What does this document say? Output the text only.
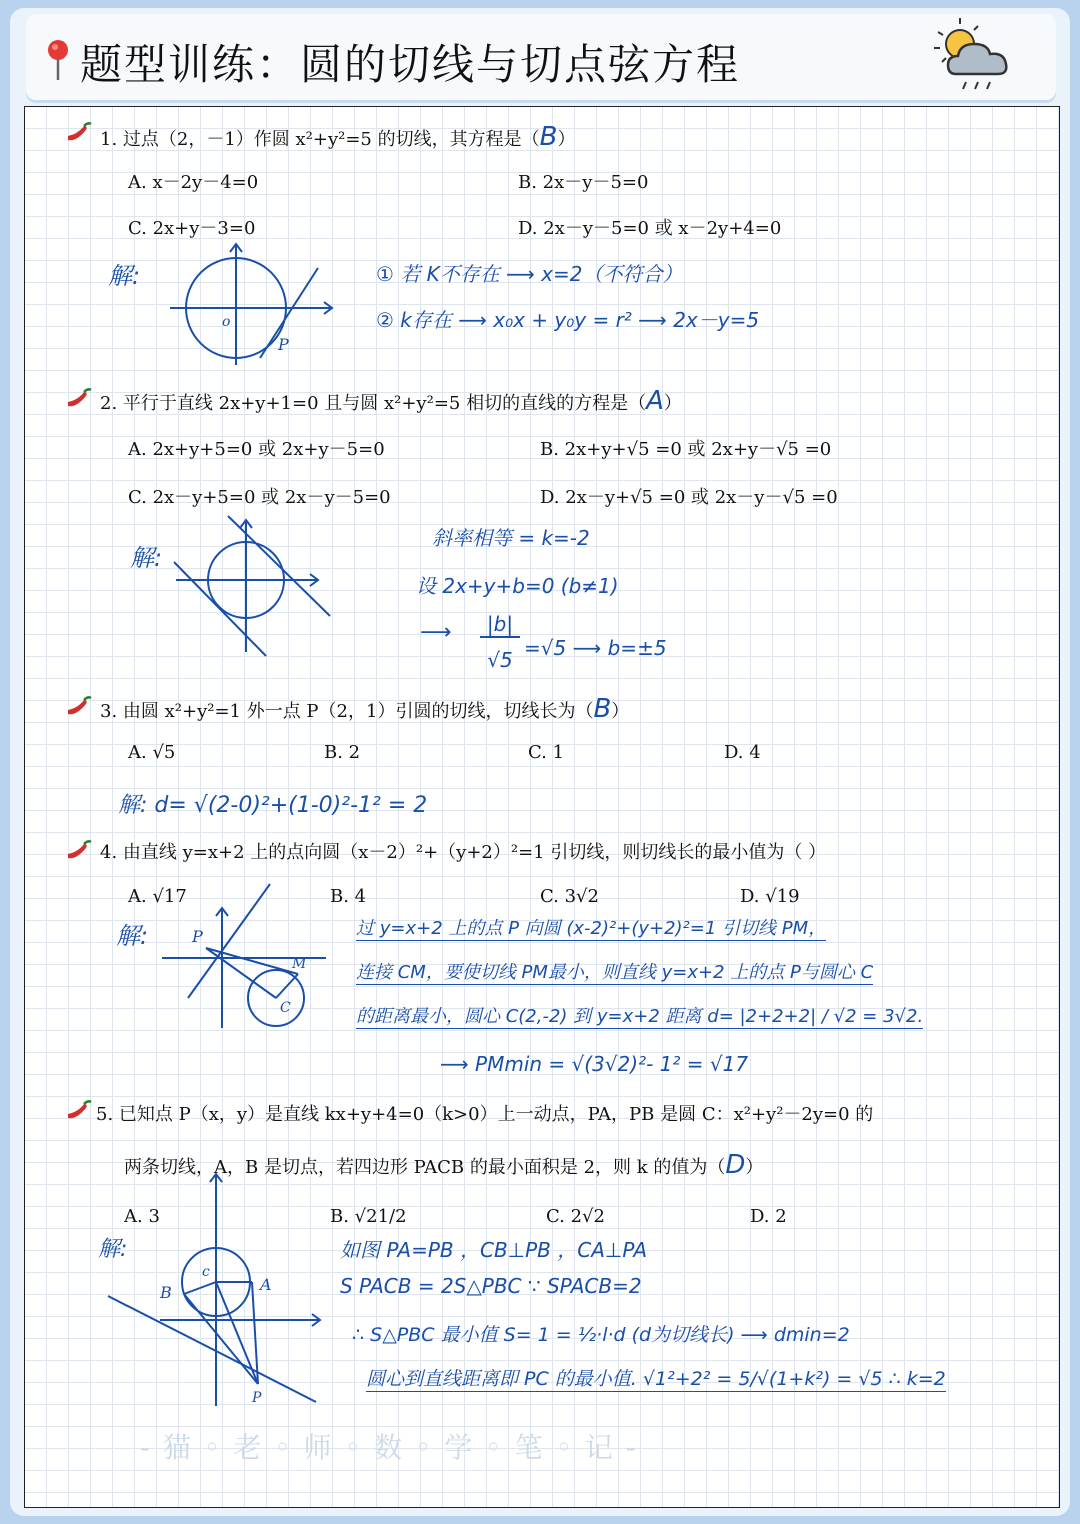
题型训练：圆的切线与切点弦方程
1. 过点（2，－1）作圆 x²+y²=5 的切线，其方程是（B）
A. x－2y－4=0	B. 2x－y－5=0
C. 2x+y－3=0	D. 2x－y－5=0 或 x－2y+4=0
解:
o
P
① 若 K不存在 ⟶ x=2（不符合）
② k存在 ⟶ x₀x + y₀y = r² ⟶ 2x－y=5
2. 平行于直线 2x+y+1=0 且与圆 x²+y²=5 相切的直线的方程是（A）
A. 2x+y+5=0 或 2x+y－5=0	B. 2x+y+√5 =0 或 2x+y－√5 =0
C. 2x－y+5=0 或 2x－y－5=0	D. 2x－y+√5 =0 或 2x－y－√5 =0
解:
斜率相等 = k=-2
设 2x+y+b=0 (b≠1)
⟶	|b|
√5 =√5 ⟶ b=±5
3. 由圆 x²+y²=1 外一点 P（2，1）引圆的切线，切线长为（B）
A. √5	B. 2	C. 1	D. 4
解: d= √(2-0)²+(1-0)²-1² = 2
4. 由直线 y=x+2 上的点向圆（x－2）²+（y+2）²=1 引切线，则切线长的最小值为（ ）
A. √17	B. 4	C. 3√2	D. √19
解:	P
M
C
过 y=x+2 上的点 P 向圆 (x-2)²+(y+2)²=1 引切线 PM，
连接 CM，要使切线 PM最小，则直线 y=x+2 上的点 P与圆心 C
的距离最小，圆心 C(2,-2) 到 y=x+2 距离 d= |2+2+2| / √2 = 3√2.
⟶ PMmin = √(3√2)²- 1² = √17
5. 已知点 P（x，y）是直线 kx+y+4=0（k>0）上一动点，PA，PB 是圆 C：x²+y²－2y=0 的
两条切线，A，B 是切点，若四边形 PACB 的最小面积是 2，则 k 的值为（D）
A. 3	B. √21/2	C. 2√2	D. 2
解:
B	A
c
P
如图 PA=PB ，CB⊥PB ，CA⊥PA
S PACB = 2S△PBC ∵ SPACB=2
∴ S△PBC 最小值 S= 1 = ½·l·d (d为切线长) ⟶ dmin=2
圆心到直线距离即 PC 的最小值. √1²+2² = 5/√(1+k²) = √5 ∴ k=2
- 猫 ◦ 老 ◦ 师 ◦ 数 ◦ 学 ◦ 笔 ◦ 记 -
